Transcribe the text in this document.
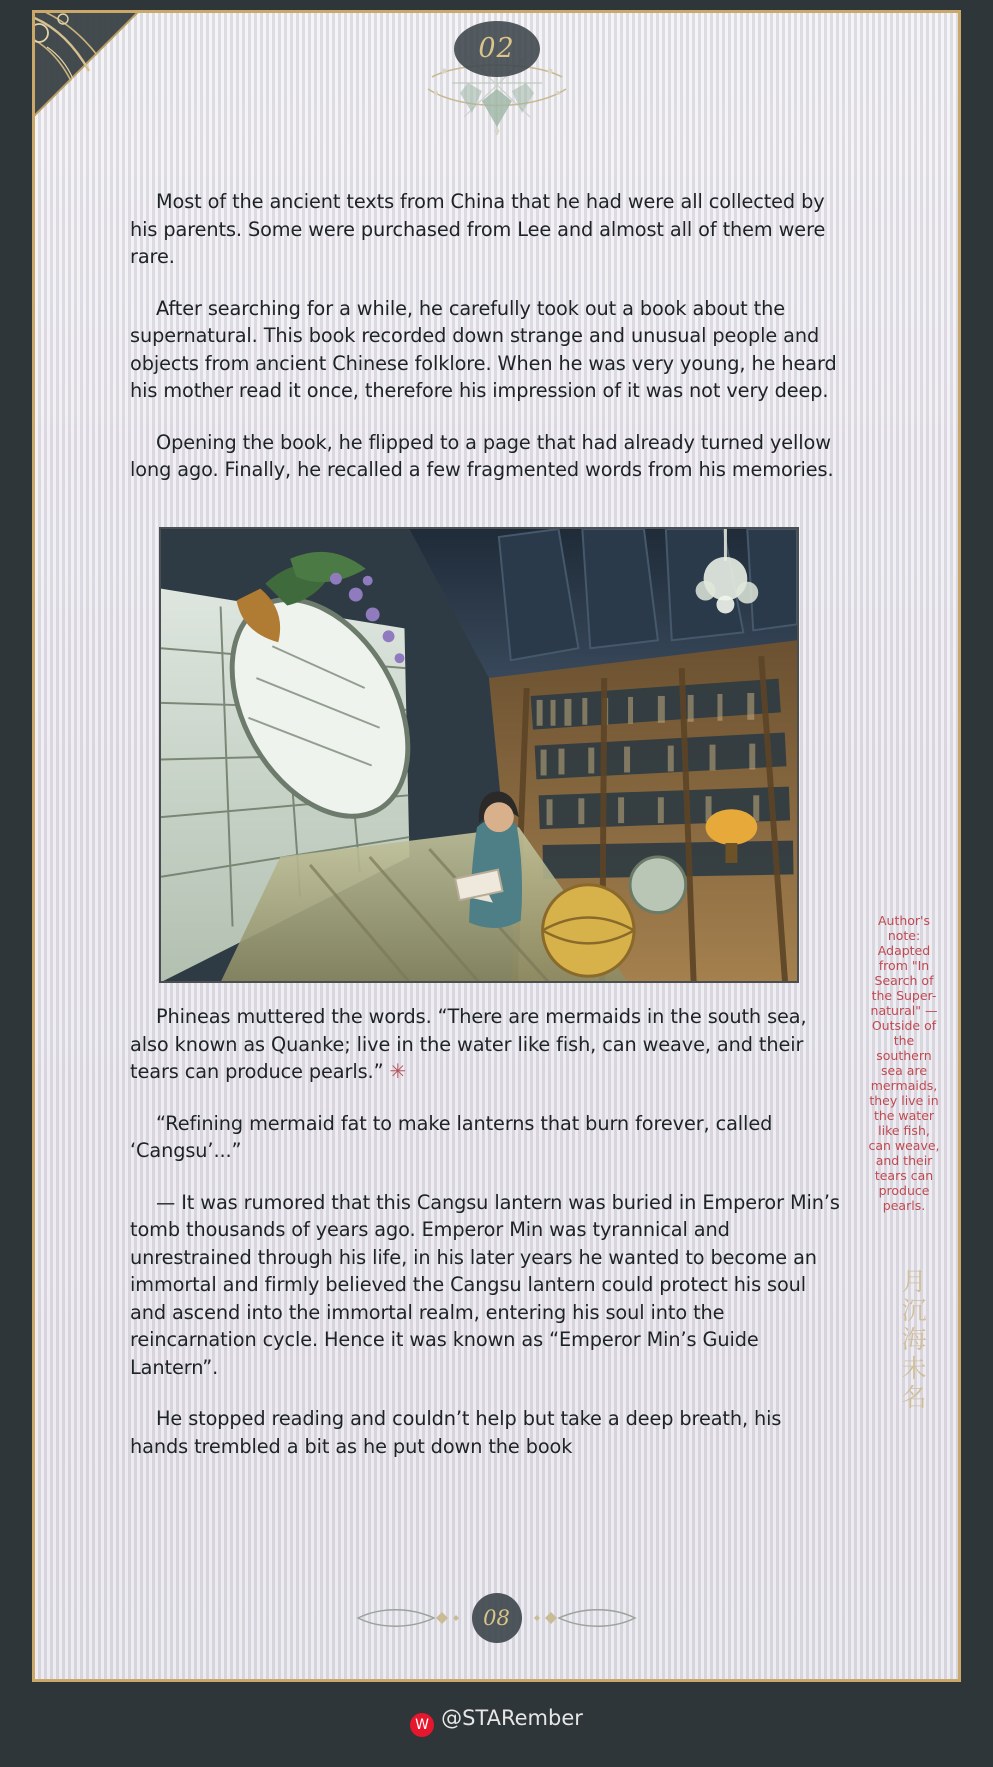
02

Most of the ancient texts from China that he had were all collected by his parents. Some were purchased from Lee and almost all of them were rare.

After searching for a while, he carefully took out a book about the supernatural. This book recorded down strange and unusual people and objects from ancient Chinese folklore. When he was very young, he heard his mother read it once, therefore his impression of it was not very deep.

Opening the book, he flipped to a page that had already turned yellow long ago. Finally, he recalled a few fragmented words from his memories.

Phineas muttered the words. “There are mermaids in the south sea, also known as Quanke; live in the water like fish, can weave, and their tears can produce pearls.” ✳

“Refining mermaid fat to make lanterns that burn forever, called ‘Cangsu’...”

— It was rumored that this Cangsu lantern was buried in Emperor Min’s tomb thousands of years ago. Emperor Min was tyrannical and unrestrained through his life, in his later years he wanted to become an immortal and firmly believed the Cangsu lantern could protect his soul and ascend into the immortal realm, entering his soul into the reincarnation cycle. Hence it was known as “Emperor Min’s Guide Lantern”.

He stopped reading and couldn’t help but take a deep breath, his hands trembled a bit as he put down the book

Author's note: Adapted from "In Search of the Super-natural" — Outside of the southern sea are mermaids, they live in the water like fish, can weave, and their tears can produce pearls.
月沉海未名
08
W @STARember
